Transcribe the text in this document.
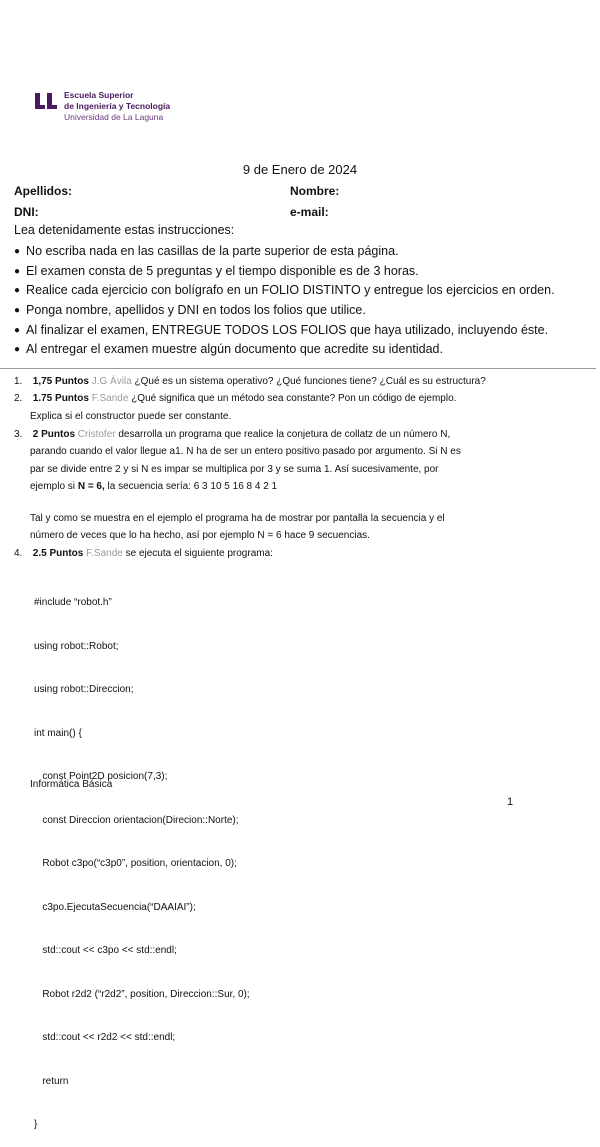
Escuela Superior
de Ingeniería y Tecnología
Universidad de La Laguna
9 de Enero de 2024
Apellidos:	Nombre:
DNI:	e-mail:
Lea detenidamente estas instrucciones:
● No escriba nada en las casillas de la parte superior de esta página.
● El examen consta de 5 preguntas y el tiempo disponible es de 3 horas.
● Realice cada ejercicio con bolígrafo en un FOLIO DISTINTO y entregue los ejercicios en orden.
● Ponga nombre, apellidos y DNI en todos los folios que utilice.
● Al finalizar el examen, ENTREGUE TODOS LOS FOLIOS que haya utilizado, incluyendo éste.
● Al entregar el examen muestre algún documento que acredite su identidad.
1. 1,75 Puntos J.G Ávila ¿Qué es un sistema operativo? ¿Qué funciones tiene? ¿Cuál es su estructura?
2. 1.75 Puntos F.Sande ¿Qué significa que un método sea constante? Pon un código de ejemplo.
Explica si el constructor puede ser constante.
3. 2 Puntos Cristofer desarrolla un programa que realice la conjetura de collatz de un número N,
parando cuando el valor llegue a1. N ha de ser un entero positivo pasado por argumento. Si N es
par se divide entre 2 y si N es impar se multiplica por 3 y se suma 1. Así sucesivamente, por
ejemplo si N = 6, la secuencia sería: 6 3 10 5 16 8 4 2 1
Tal y como se muestra en el ejemplo el programa ha de mostrar por pantalla la secuencia y el
número de veces que lo ha hecho, así por ejemplo N = 6 hace 9 secuencias.
4. 2.5 Puntos F.Sande se ejecuta el siguiente programa:

#include “robot.h”

using robot::Robot;

using robot::Direccion;

int main() {

const Point2D posicion(7,3);

const Direccion orientacion(Direcion::Norte);

Robot c3po(“c3p0”, position, orientacion, 0);

c3po.EjecutaSecuencia(“DAAIAI”);

std::cout << c3po << std::endl;

Robot r2d2 (“r2d2”, position, Direccion::Sur, 0);

std::cout << r2d2 << std::endl;

return

}

Informática Básica
1
